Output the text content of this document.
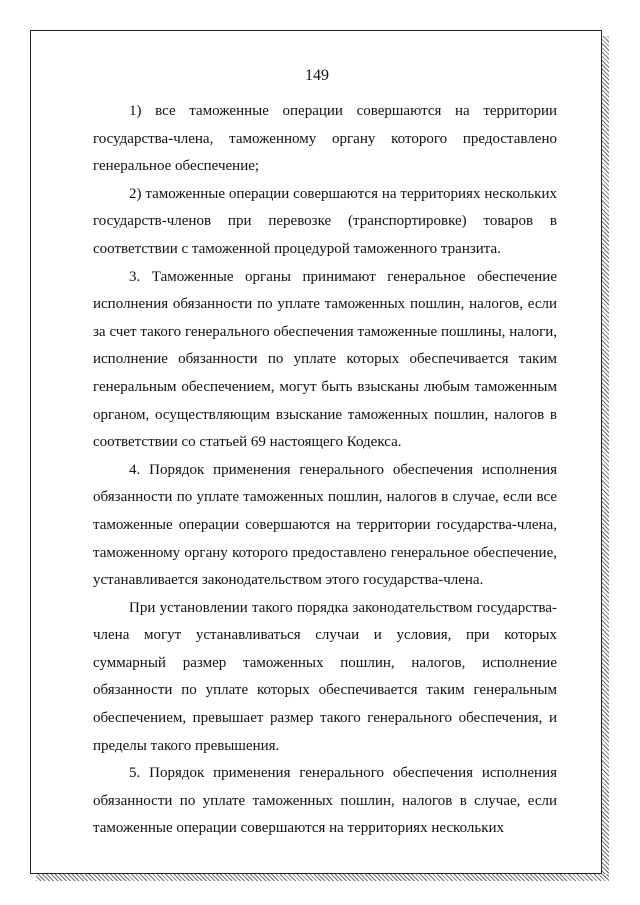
149

1) все таможенные операции совершаются на территории государства-члена, таможенному органу которого предоставлено генеральное обеспечение;

2) таможенные операции совершаются на территориях нескольких государств-членов при перевозке (транспортировке) товаров в соответствии с таможенной процедурой таможенного транзита.

3. Таможенные органы принимают генеральное обеспечение исполнения обязанности по уплате таможенных пошлин, налогов, если за счет такого генерального обеспечения таможенные пошлины, налоги, исполнение обязанности по уплате которых обеспечивается таким генеральным обеспечением, могут быть взысканы любым таможенным органом, осуществляющим взыскание таможенных пошлин, налогов в соответствии со статьей 69 настоящего Кодекса.

4. Порядок применения генерального обеспечения исполнения обязанности по уплате таможенных пошлин, налогов в случае, если все таможенные операции совершаются на территории государства-члена, таможенному органу которого предоставлено генеральное обеспечение, устанавливается законодательством этого государства-члена.

При установлении такого порядка законодательством государства-члена могут устанавливаться случаи и условия, при которых суммарный размер таможенных пошлин, налогов, исполнение обязанности по уплате которых обеспечивается таким генеральным обеспечением, превышает размер такого генерального обеспечения, и пределы такого превышения.

5. Порядок применения генерального обеспечения исполнения обязанности по уплате таможенных пошлин, налогов в случае, если таможенные операции совершаются на территориях нескольких
